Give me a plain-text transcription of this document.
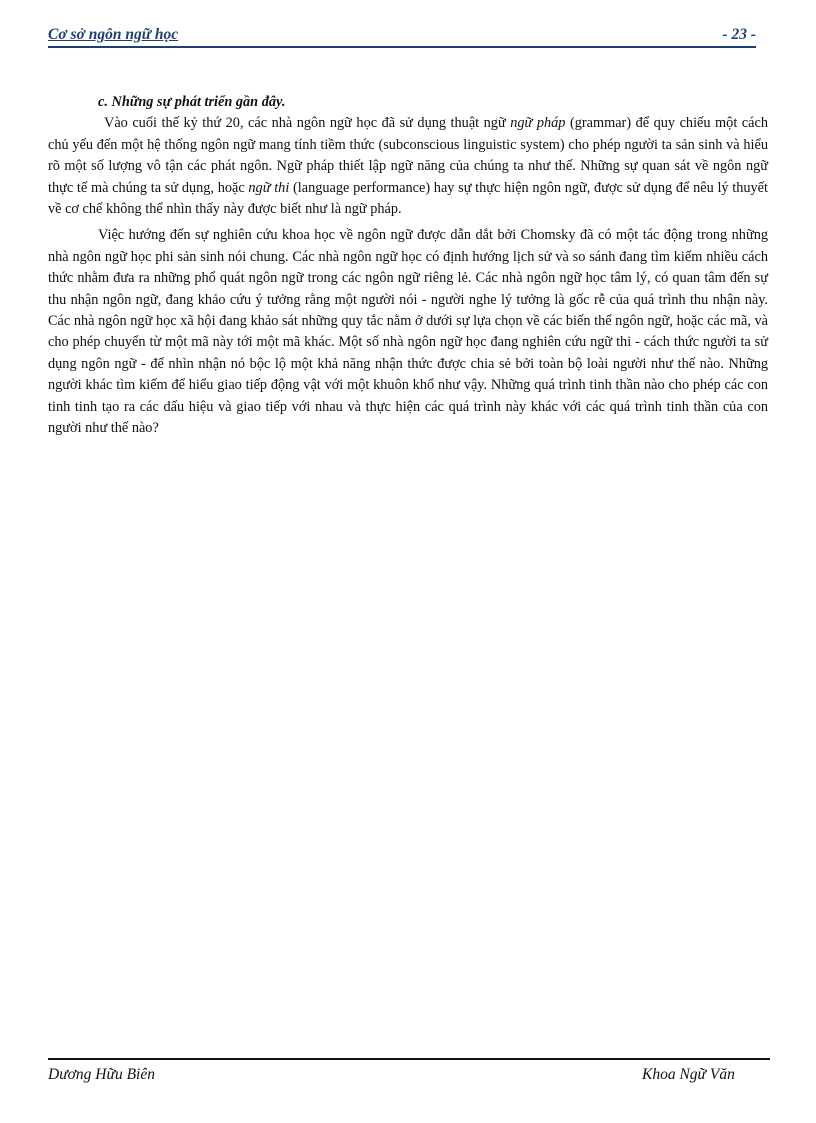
Cơ sở ngôn ngữ học	- 23 -

c. Những sự phát triển gần đây.

Vào cuối thế kỷ thứ 20, các nhà ngôn ngữ học đã sử dụng thuật ngữ ngữ pháp (grammar) để quy chiếu một cách chủ yếu đến một hệ thống ngôn ngữ mang tính tiềm thức (subconscious linguistic system) cho phép người ta sản sinh và hiểu rõ một số lượng vô tận các phát ngôn. Ngữ pháp thiết lập ngữ năng của chúng ta như thế. Những sự quan sát về ngôn ngữ thực tế mà chúng ta sử dụng, hoặc ngữ thi (language performance) hay sự thực hiện ngôn ngữ, được sử dụng để nêu lý thuyết về cơ chế không thể nhìn thấy này được biết như là ngữ pháp.

Việc hướng đến sự nghiên cứu khoa học về ngôn ngữ được dẫn dắt bởi Chomsky đã có một tác động trong những nhà ngôn ngữ học phi sản sinh nói chung. Các nhà ngôn ngữ học có định hướng lịch sử và so sánh đang tìm kiếm nhiều cách thức nhằm đưa ra những phổ quát ngôn ngữ trong các ngôn ngữ riêng lẻ. Các nhà ngôn ngữ học tâm lý, có quan tâm đến sự thu nhận ngôn ngữ, đang khảo cứu ý tưởng rằng một người nói - người nghe lý tưởng là gốc rễ của quá trình thu nhận này. Các nhà ngôn ngữ học xã hội đang khảo sát những quy tắc nằm ở dưới sự lựa chọn về các biến thể ngôn ngữ, hoặc các mã, và cho phép chuyển từ một mã này tới một mã khác. Một số nhà ngôn ngữ học đang nghiên cứu ngữ thi - cách thức người ta sử dụng ngôn ngữ - để nhìn nhận nó bộc lộ một khả năng nhận thức được chia sẻ bởi toàn bộ loài người như thế nào. Những người khác tìm kiếm để hiểu giao tiếp động vật với một khuôn khổ như vậy. Những quá trình tinh thần nào cho phép các con tinh tinh tạo ra các dấu hiệu và giao tiếp với nhau và thực hiện các quá trình này khác với các quá trình tinh thần của con người như thế nào?

Dương Hữu Biên	Khoa Ngữ Văn
